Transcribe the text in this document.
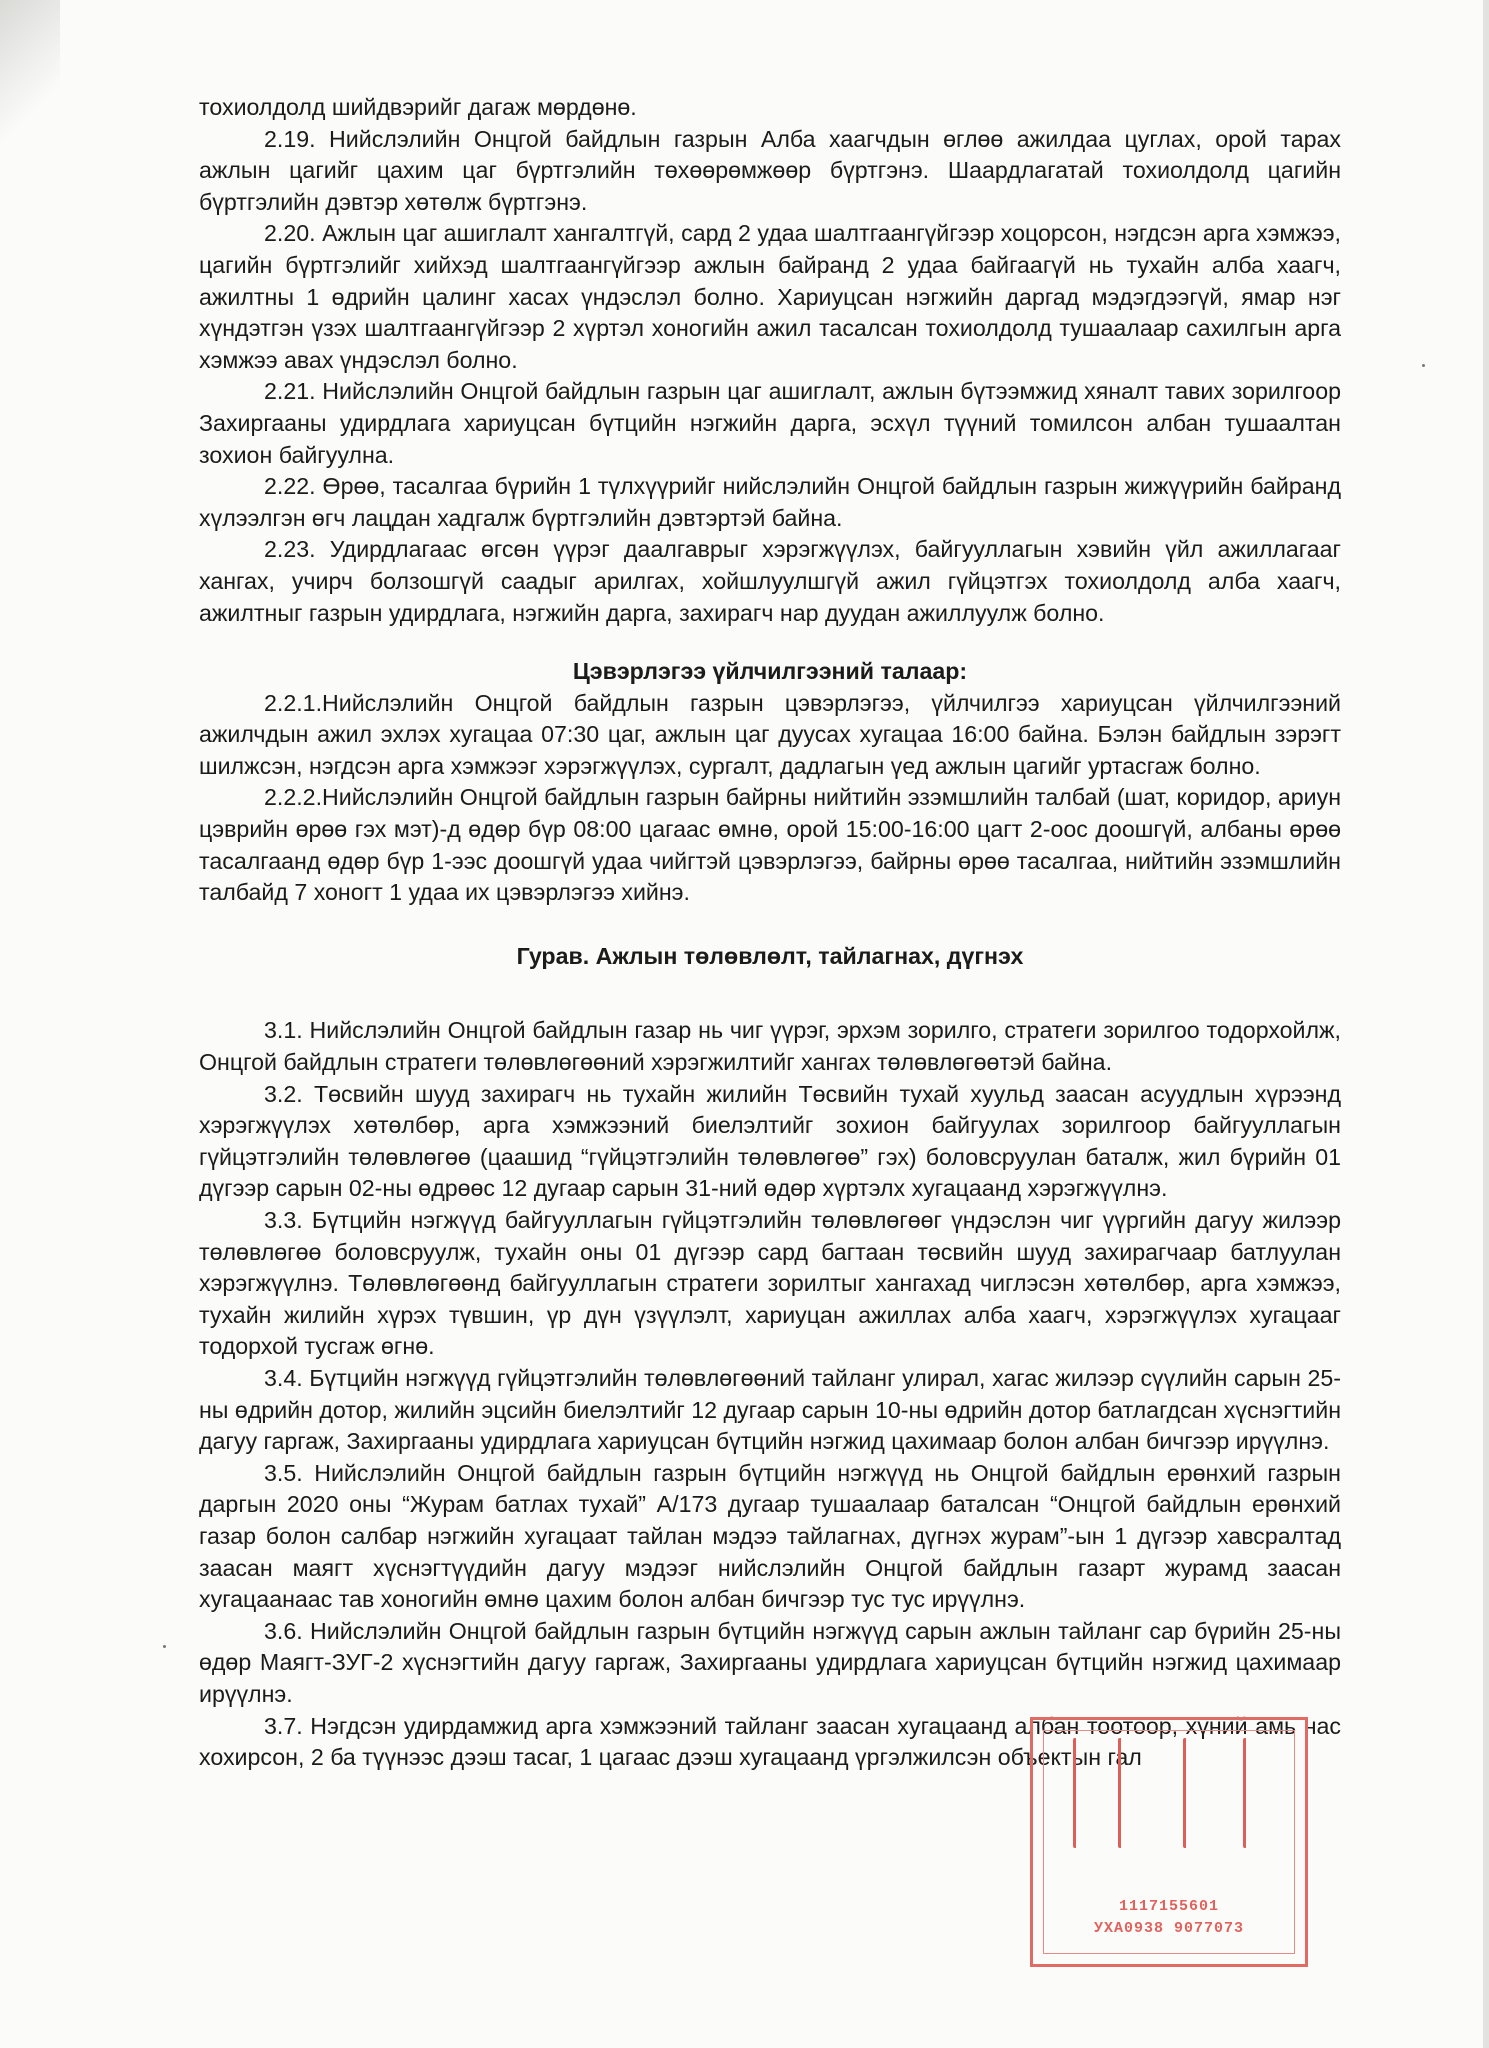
тохиолдолд шийдвэрийг дагаж мөрдөнө.

2.19. Нийслэлийн Онцгой байдлын газрын Алба хаагчдын өглөө ажилдаа цуглах, орой тарах ажлын цагийг цахим цаг бүртгэлийн төхөөрөмжөөр бүртгэнэ. Шаардлагатай тохиолдолд цагийн бүртгэлийн дэвтэр хөтөлж бүртгэнэ.

2.20. Ажлын цаг ашиглалт хангалтгүй, сард 2 удаа шалтгаангүйгээр хоцорсон, нэгдсэн арга хэмжээ, цагийн бүртгэлийг хийхэд шалтгаангүйгээр ажлын байранд 2 удаа байгаагүй нь тухайн алба хаагч, ажилтны 1 өдрийн цалинг хасах үндэслэл болно. Хариуцсан нэгжийн даргад мэдэгдээгүй, ямар нэг хүндэтгэн үзэх шалтгаангүйгээр 2 хүртэл хоногийн ажил тасалсан тохиолдолд тушаалаар сахилгын арга хэмжээ авах үндэслэл болно.

2.21. Нийслэлийн Онцгой байдлын газрын цаг ашиглалт, ажлын бүтээмжид хяналт тавих зорилгоор Захиргааны удирдлага хариуцсан бүтцийн нэгжийн дарга, эсхүл түүний томилсон албан тушаалтан зохион байгуулна.

2.22. Өрөө, тасалгаа бүрийн 1 түлхүүрийг нийслэлийн Онцгой байдлын газрын жижүүрийн байранд хүлээлгэн өгч лацдан хадгалж бүртгэлийн дэвтэртэй байна.

2.23. Удирдлагаас өгсөн үүрэг даалгаврыг хэрэгжүүлэх, байгууллагын хэвийн үйл ажиллагааг хангах, учирч болзошгүй саадыг арилгах, хойшлуулшгүй ажил гүйцэтгэх тохиолдолд алба хаагч, ажилтныг газрын удирдлага, нэгжийн дарга, захирагч нар дуудан ажиллуулж болно.

Цэвэрлэгээ үйлчилгээний талаар:

2.2.1.Нийслэлийн Онцгой байдлын газрын цэвэрлэгээ, үйлчилгээ хариуцсан үйлчилгээний ажилчдын ажил эхлэх хугацаа 07:30 цаг, ажлын цаг дуусах хугацаа 16:00 байна. Бэлэн байдлын зэрэгт шилжсэн, нэгдсэн арга хэмжээг хэрэгжүүлэх, сургалт, дадлагын үед ажлын цагийг уртасгаж болно.

2.2.2.Нийслэлийн Онцгой байдлын газрын байрны нийтийн эзэмшлийн талбай (шат, коридор, ариун цэврийн өрөө гэх мэт)-д өдөр бүр 08:00 цагаас өмнө, орой 15:00-16:00 цагт 2-оос доошгүй, албаны өрөө тасалгаанд өдөр бүр 1-ээс доошгүй удаа чийгтэй цэвэрлэгээ, байрны өрөө тасалгаа, нийтийн эзэмшлийн талбайд 7 хоногт 1 удаа их цэвэрлэгээ хийнэ.

Гурав. Ажлын төлөвлөлт, тайлагнах, дүгнэх

3.1. Нийслэлийн Онцгой байдлын газар нь чиг үүрэг, эрхэм зорилго, стратеги зорилгоо тодорхойлж, Онцгой байдлын стратеги төлөвлөгөөний хэрэгжилтийг хангах төлөвлөгөөтэй байна.

3.2. Төсвийн шууд захирагч нь тухайн жилийн Төсвийн тухай хуульд заасан асуудлын хүрээнд хэрэгжүүлэх хөтөлбөр, арга хэмжээний биелэлтийг зохион байгуулах зорилгоор байгууллагын гүйцэтгэлийн төлөвлөгөө (цаашид “гүйцэтгэлийн төлөвлөгөө” гэх) боловсруулан баталж, жил бүрийн 01 дүгээр сарын 02-ны өдрөөс 12 дугаар сарын 31-ний өдөр хүртэлх хугацаанд хэрэгжүүлнэ.

3.3. Бүтцийн нэгжүүд байгууллагын гүйцэтгэлийн төлөвлөгөөг үндэслэн чиг үүргийн дагуу жилээр төлөвлөгөө боловсруулж, тухайн оны 01 дүгээр сард багтаан төсвийн шууд захирагчаар батлуулан хэрэгжүүлнэ. Төлөвлөгөөнд байгууллагын стратеги зорилтыг хангахад чиглэсэн хөтөлбөр, арга хэмжээ, тухайн жилийн хүрэх түвшин, үр дүн үзүүлэлт, хариуцан ажиллах алба хаагч, хэрэгжүүлэх хугацааг тодорхой тусгаж өгнө.

3.4. Бүтцийн нэгжүүд гүйцэтгэлийн төлөвлөгөөний тайланг улирал, хагас жилээр сүүлийн сарын 25-ны өдрийн дотор, жилийн эцсийн биелэлтийг 12 дугаар сарын 10-ны өдрийн дотор батлагдсан хүснэгтийн дагуу гаргаж, Захиргааны удирдлага хариуцсан бүтцийн нэгжид цахимаар болон албан бичгээр ирүүлнэ.

3.5. Нийслэлийн Онцгой байдлын газрын бүтцийн нэгжүүд нь Онцгой байдлын ерөнхий газрын даргын 2020 оны “Журам батлах тухай” А/173 дугаар тушаалаар баталсан “Онцгой байдлын ерөнхий газар болон салбар нэгжийн хугацаат тайлан мэдээ тайлагнах, дүгнэх журам”-ын 1 дүгээр хавсралтад заасан маягт хүснэгтүүдийн дагуу мэдээг нийслэлийн Онцгой байдлын газарт журамд заасан хугацаанаас тав хоногийн өмнө цахим болон албан бичгээр тус тус ирүүлнэ.

3.6. Нийслэлийн Онцгой байдлын газрын бүтцийн нэгжүүд сарын ажлын тайланг сар бүрийн 25-ны өдөр Маягт-ЗУГ-2 хүснэгтийн дагуу гаргаж, Захиргааны удирдлага хариуцсан бүтцийн нэгжид цахимаар ирүүлнэ.

3.7. Нэгдсэн удирдамжид арга хэмжээний тайланг заасан хугацаанд албан тоотоор, хүний амь нас хохирсон, 2 ба түүнээс дээш тасаг, 1 цагаас дээш хугацаанд үргэлжилсэн объектын гал

1117155601
УХА0938 9077073
